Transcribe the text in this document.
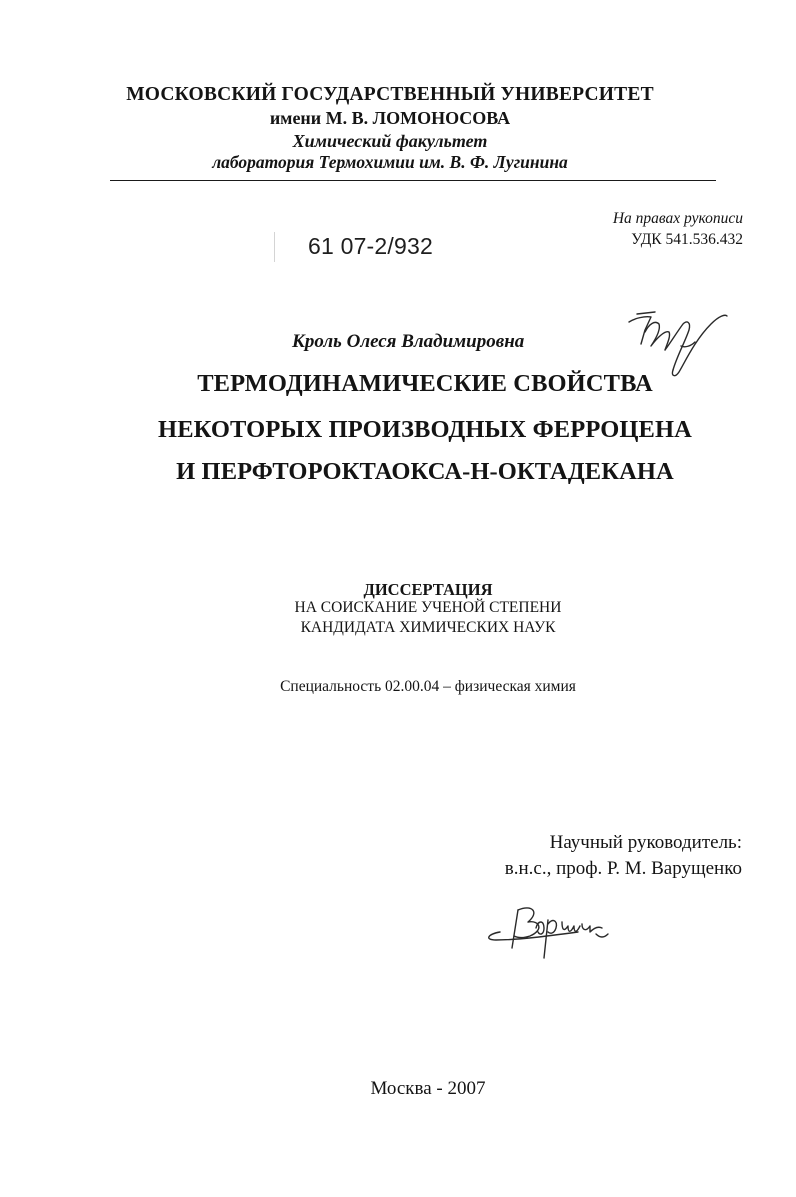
МОСКОВСКИЙ ГОСУДАРСТВЕННЫЙ УНИВЕРСИТЕТ
имени М. В. ЛОМОНОСОВА
Химический факультет
лаборатория Термохимии им. В. Ф. Лугинина
61 07-2/932
На правах рукописи
УДК 541.536.432
Кроль Олеся Владимировна
ТЕРМОДИНАМИЧЕСКИЕ СВОЙСТВА
НЕКОТОРЫХ ПРОИЗВОДНЫХ ФЕРРОЦЕНА
И ПЕРФТОРОКТАОКСА-Н-ОКТАДЕКАНА
ДИССЕРТАЦИЯ
НА СОИСКАНИЕ УЧЕНОЙ СТЕПЕНИ
КАНДИДАТА ХИМИЧЕСКИХ НАУК
Специальность 02.00.04 – физическая химия
Научный руководитель:
в.н.с., проф. Р. М. Варущенко
Москва - 2007
